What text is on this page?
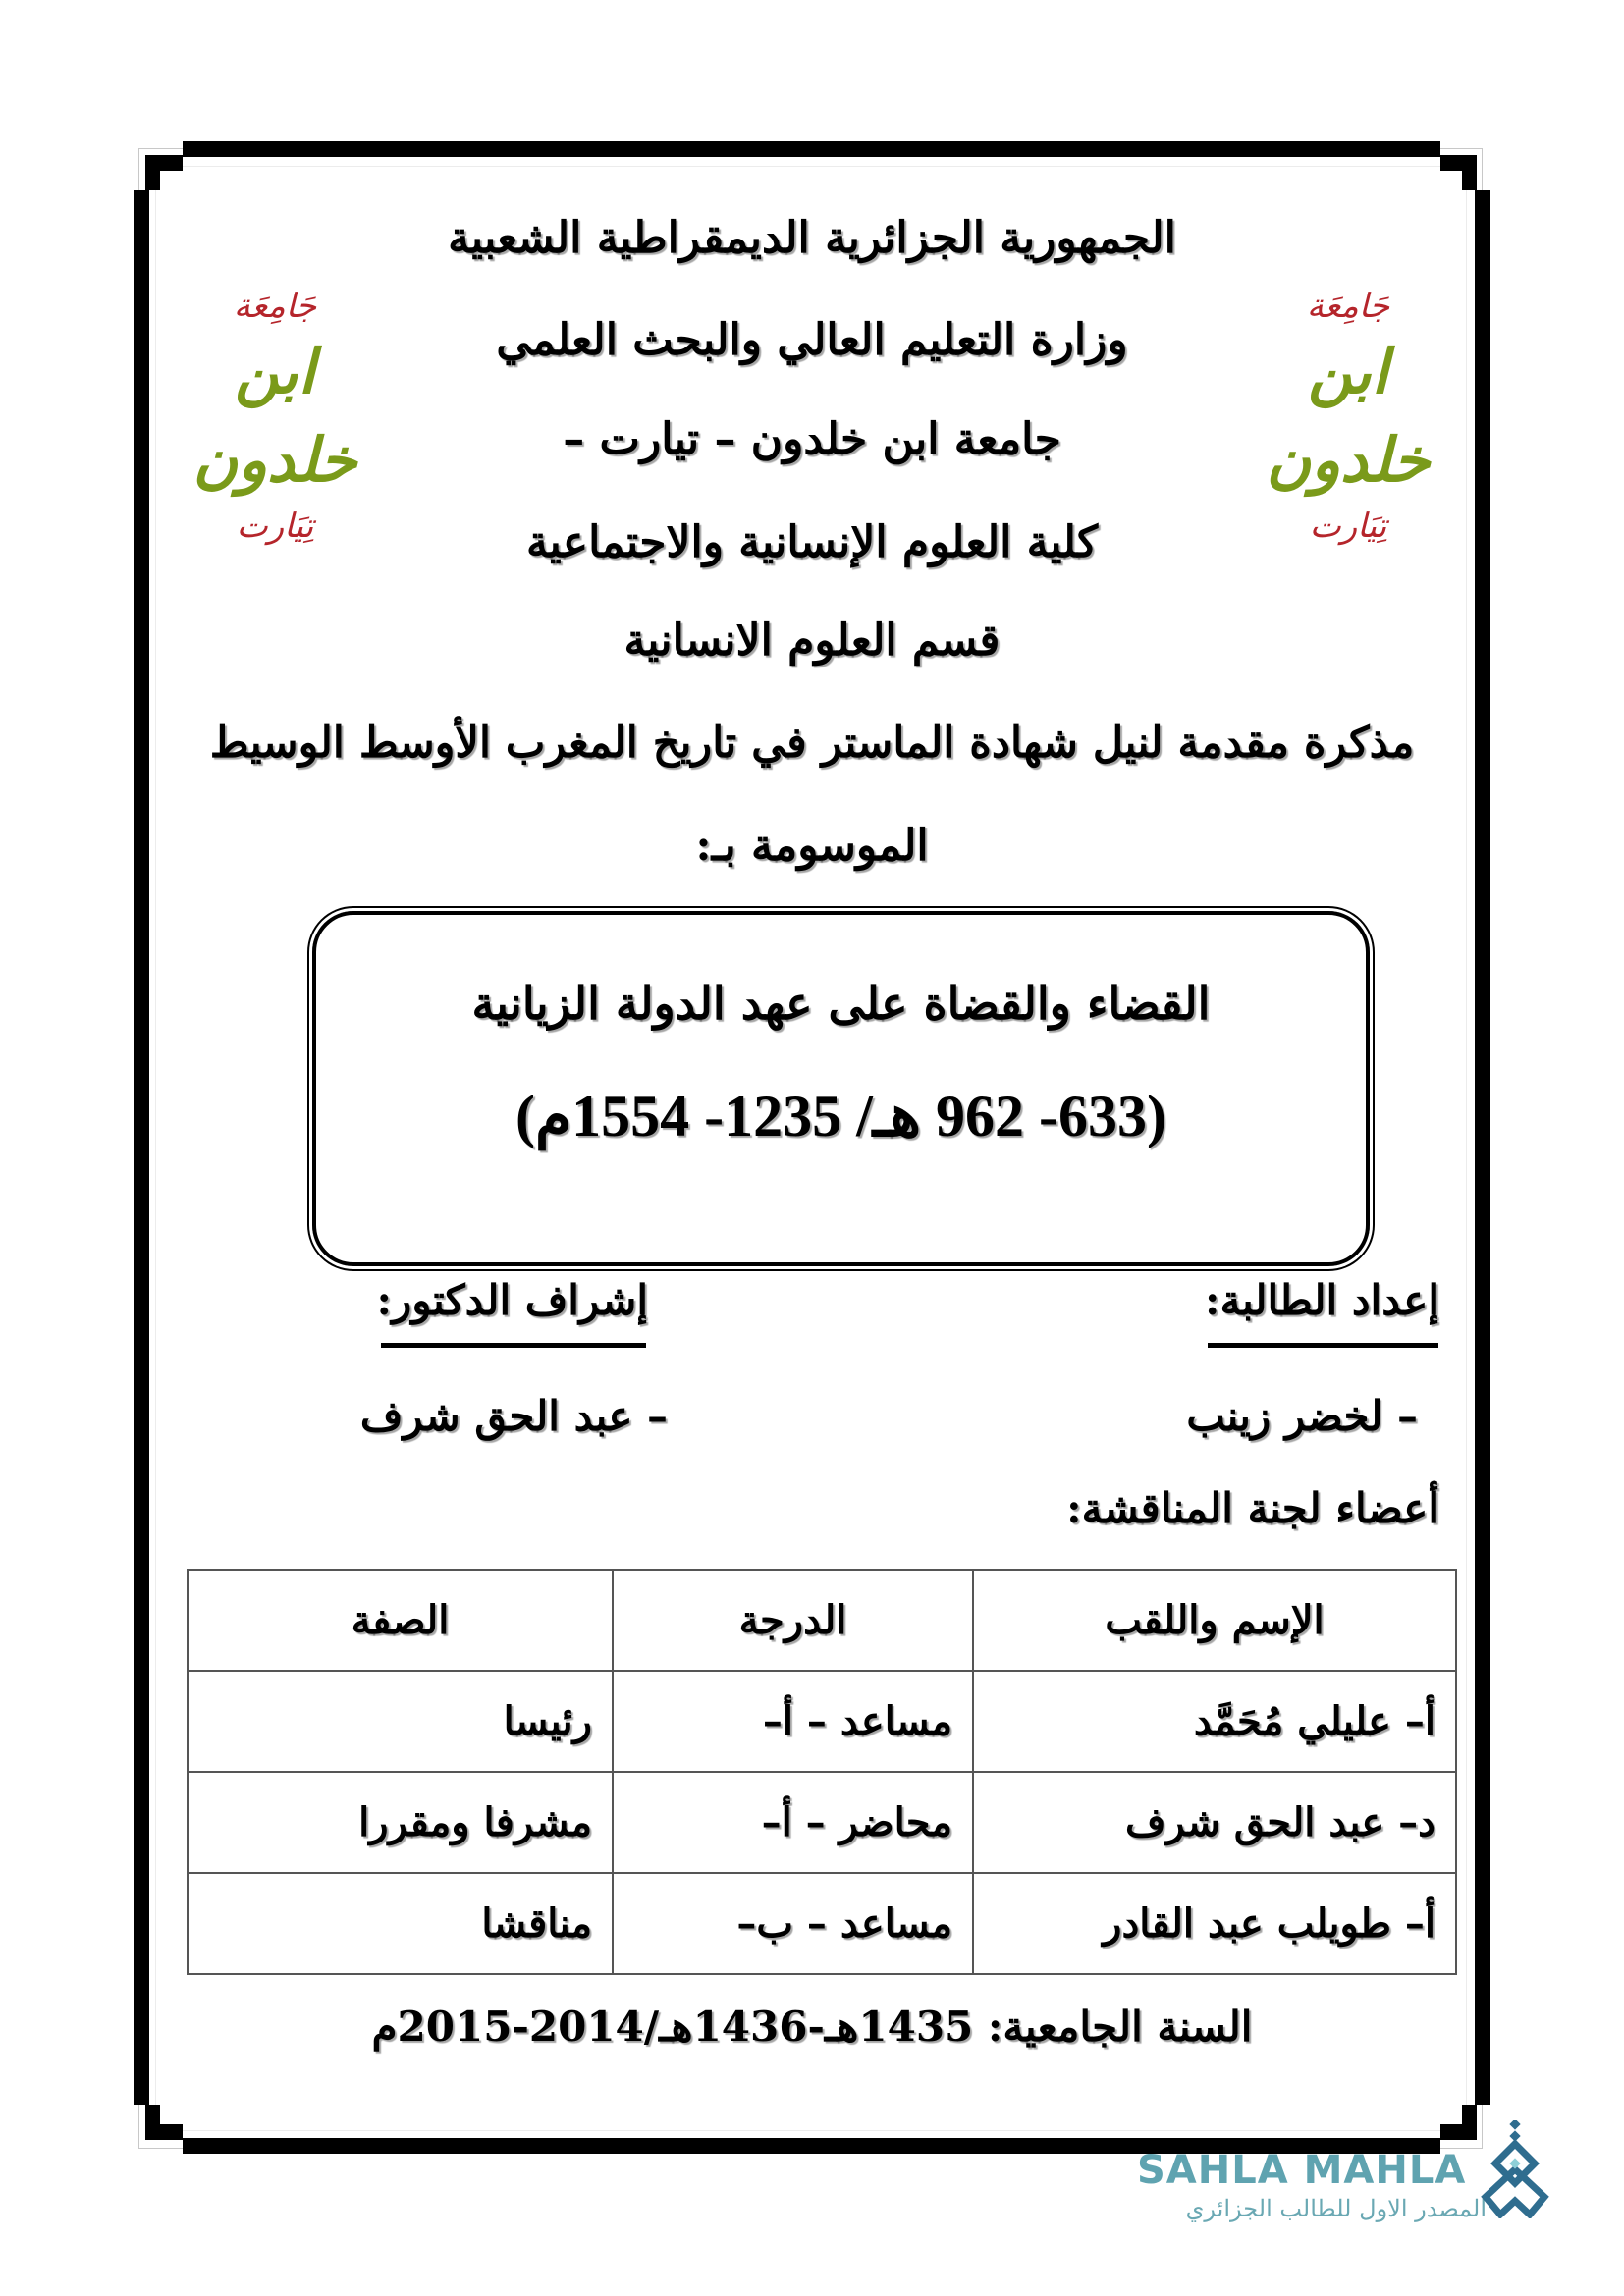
جَامِعَة
ابن خلدون
تِيَارت
جَامِعَة
ابن خلدون
تِيَارت
الجمهورية الجزائرية الديمقراطية الشعبية
وزارة التعليم العالي والبحث العلمي
جامعة ابن خلدون – تيارت –
كلية العلوم الإنسانية والاجتماعية
قسم العلوم الانسانية
مذكرة مقدمة لنيل شهادة الماستر في تاريخ المغرب الأوسط الوسيط
الموسومة بـ:
القضاء والقضاة على عهد الدولة الزيانية
(633- 962 هـ/ 1235- 1554م)
إعداد الطالبة:
إشراف الدكتور:
– لخضر زينب
– عبد الحق شرف
أعضاء لجنة المناقشة:
الإسم واللقب	الدرجة	الصفة
أ– عليلي مُحَمَّد	مساعد – أ–	رئيسا
د– عبد الحق شرف	محاضر – أ–	مشرفا ومقررا
أ– طويلب عبد القادر	مساعد – ب–	مناقشا
السنة الجامعية: 1435هـ-1436هـ/2014-2015م
SAHLA MAHLA
المصدر الاول للطالب الجزائري
